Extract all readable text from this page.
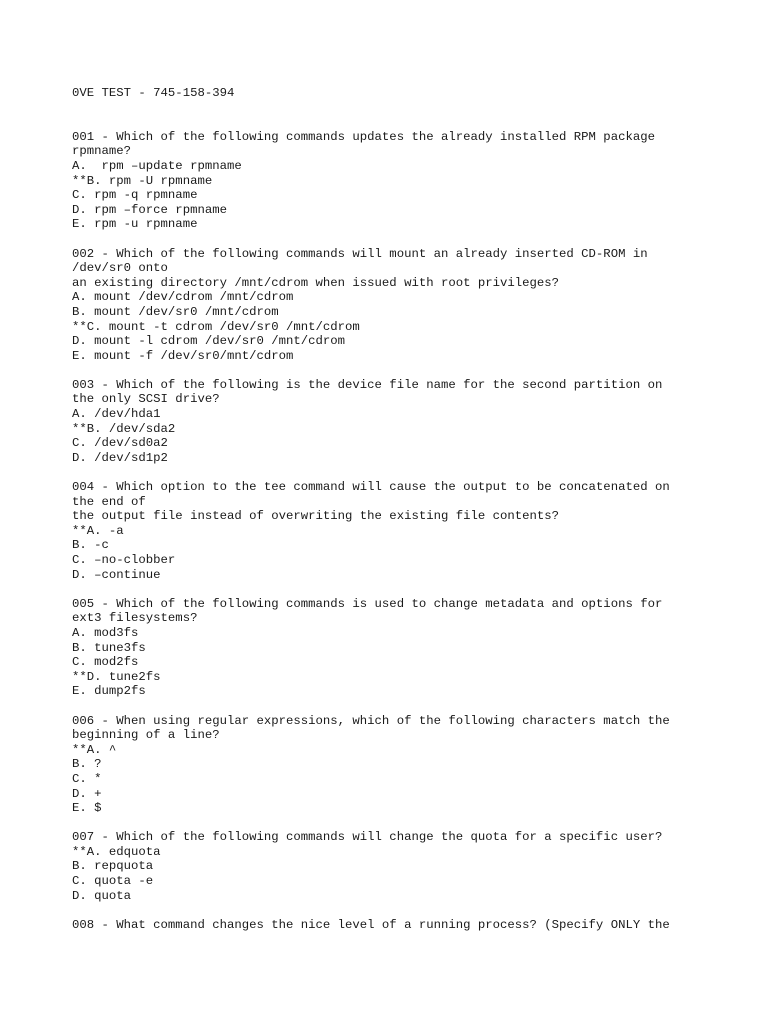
0VE TEST - 745-158-394
001 - Which of the following commands updates the already installed RPM package
rpmname?
A.  rpm –update rpmname
**B. rpm -U rpmname
C. rpm -q rpmname
D. rpm –force rpmname
E. rpm -u rpmname
002 - Which of the following commands will mount an already inserted CD-ROM in
/dev/sr0 onto
an existing directory /mnt/cdrom when issued with root privileges?
A. mount /dev/cdrom /mnt/cdrom
B. mount /dev/sr0 /mnt/cdrom
**C. mount -t cdrom /dev/sr0 /mnt/cdrom
D. mount -l cdrom /dev/sr0 /mnt/cdrom
E. mount -f /dev/sr0/mnt/cdrom
003 - Which of the following is the device file name for the second partition on
the only SCSI drive?
A. /dev/hda1
**B. /dev/sda2
C. /dev/sd0a2
D. /dev/sd1p2
004 - Which option to the tee command will cause the output to be concatenated on
the end of
the output file instead of overwriting the existing file contents?
**A. -a
B. -c
C. –no-clobber
D. –continue
005 - Which of the following commands is used to change metadata and options for
ext3 filesystems?
A. mod3fs
B. tune3fs
C. mod2fs
**D. tune2fs
E. dump2fs
006 - When using regular expressions, which of the following characters match the
beginning of a line?
**A. ^
B. ?
C. *
D. +
E. $
007 - Which of the following commands will change the quota for a specific user?
**A. edquota
B. repquota
C. quota -e
D. quota
008 - What command changes the nice level of a running process? (Specify ONLY the
